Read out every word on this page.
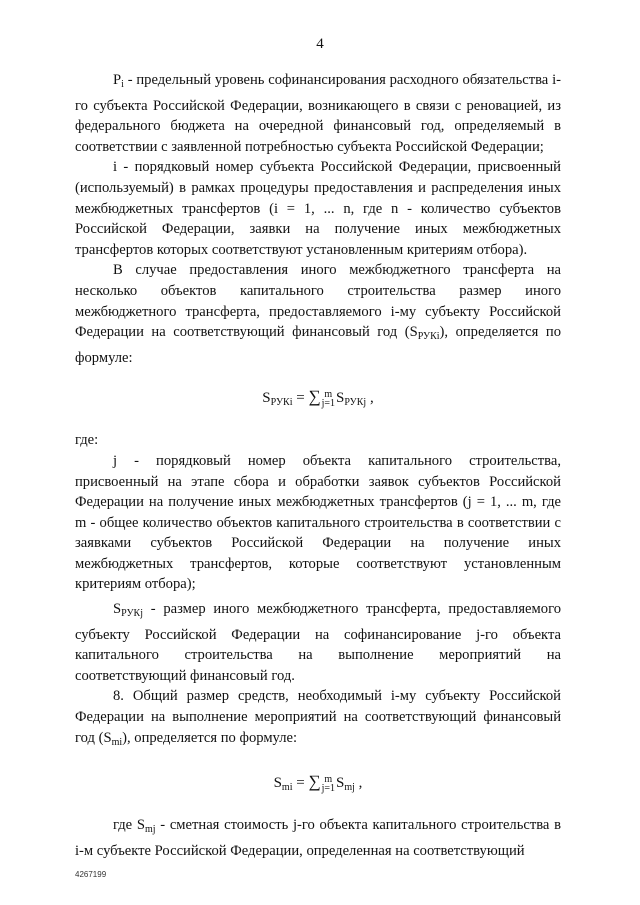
4

$P_i$ - предельный уровень софинансирования расходного обязательства i-го субъекта Российской Федерации, возникающего в связи с реновацией, из федерального бюджета на очередной финансовый год, определяемый в соответствии с заявленной потребностью субъекта Российской Федерации;

i - порядковый номер субъекта Российской Федерации, присвоенный (используемый) в рамках процедуры предоставления и распределения иных межбюджетных трансфертов (i = 1, ... n, где n - количество субъектов Российской Федерации, заявки на получение иных межбюджетных трансфертов которых соответствуют установленным критериям отбора).

В случае предоставления иного межбюджетного трансферта на несколько объектов капитального строительства размер иного межбюджетного трансферта, предоставляемого i-му субъекту Российской Федерации на соответствующий финансовый год $(S_{РУКi})$, определяется по формуле:

$S_{РУКi}$ = ∑ m
$j=1S_{РУКj}$ ,

где:

j - порядковый номер объекта капитального строительства, присвоенный на этапе сбора и обработки заявок субъектов Российской Федерации на получение иных межбюджетных трансфертов (j = 1, ... m, где m - общее количество объектов капитального строительства в соответствии с заявками субъектов Российской Федерации на получение иных межбюджетных трансфертов, которые соответствуют установленным критериям отбора);

$S_{РУКj}$ - размер иного межбюджетного трансферта, предоставляемого субъекту Российской Федерации на софинансирование j-го объекта капитального строительства на выполнение мероприятий на соответствующий финансовый год.

8. Общий размер средств, необходимый i-му субъекту Российской Федерации на выполнение мероприятий на соответствующий финансовый год $(S_{mi})$, определяется по формуле:

$S_{mi}$ = ∑ m
$j=1S_{mj}$ ,

где $S_{mj}$ - сметная стоимость j-го объекта капитального строительства в i-м субъекте Российской Федерации, определенная на соответствующий

4267199
